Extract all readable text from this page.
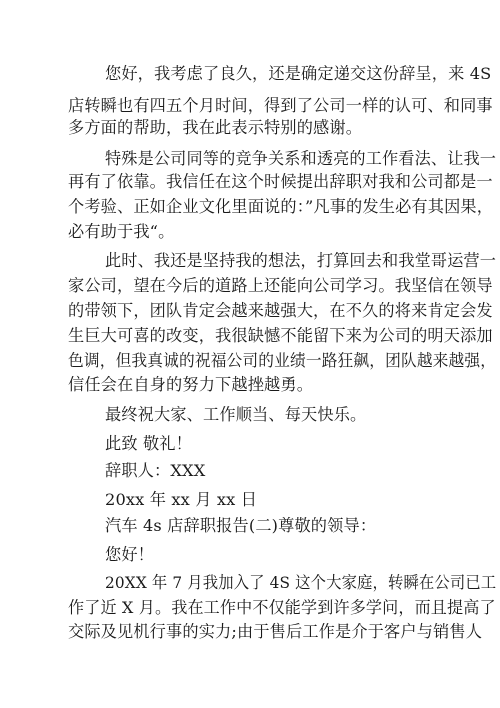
您好，我考虑了良久，还是确定递交这份辞呈，来 4S
店转瞬也有四五个月时间，得到了公司一样的认可、和同事
多方面的帮助，我在此表示特别的感谢。
特殊是公司同等的竞争关系和透亮的工作看法、让我一
再有了依靠。我信任在这个时候提出辞职对我和公司都是一
个考验、正如企业文化里面说的：”凡事的发生必有其因果，
必有助于我“。
此时、我还是坚持我的想法，打算回去和我堂哥运营一
家公司，望在今后的道路上还能向公司学习。我坚信在领导
的带领下，团队肯定会越来越强大，在不久的将来肯定会发
生巨大可喜的改变，我很缺憾不能留下来为公司的明天添加
色调，但我真诚的祝福公司的业绩一路狂飙，团队越来越强，
信任会在自身的努力下越挫越勇。
最终祝大家、工作顺当、每天快乐。
此致 敬礼！
辞职人：XXX
20xx 年 xx 月 xx 日
汽车 4s 店辞职报告(二)尊敬的领导：
您好！
20XX 年 7 月我加入了 4S 这个大家庭，转瞬在公司已工
作了近 X 月。我在工作中不仅能学到许多学问，而且提高了
交际及见机行事的实力;由于售后工作是介于客户与销售人
